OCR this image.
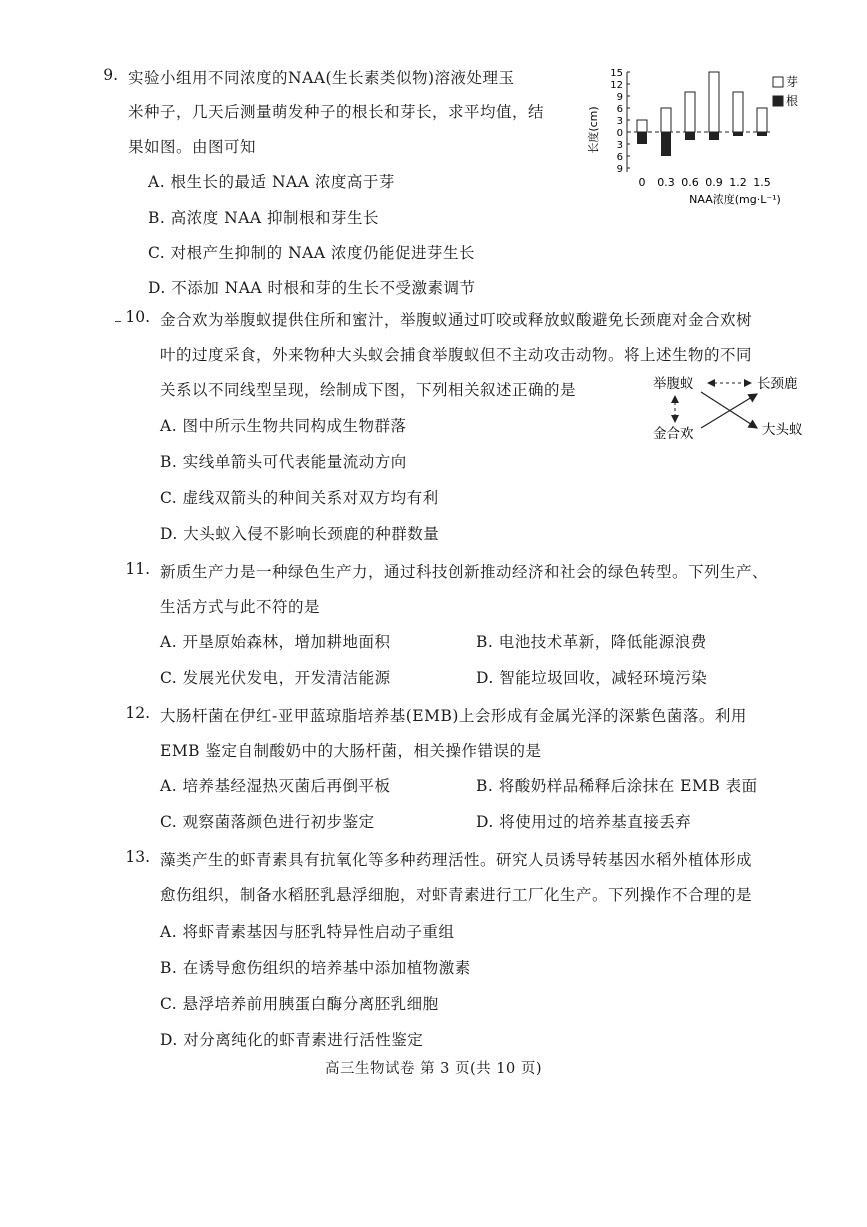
9. 实验小组用不同浓度的NAA(生长素类似物)溶液处理玉
米种子，几天后测量萌发种子的根长和芽长，求平均值，结
果如图。由图可知
A. 根生长的最适 NAA 浓度高于芽
B. 高浓度 NAA 抑制根和芽生长
C. 对根产生抑制的 NAA 浓度仍能促进芽生长
D. 不添加 NAA 时根和芽的生长不受激素调节
长度(cm) 3
6
9
12
15
0
3
6
9
0 0.3 0.6 0.9 1.2 1.5
NAA浓度(mg·L⁻¹)
芽
根
10. 金合欢为举腹蚁提供住所和蜜汁，举腹蚁通过叮咬或释放蚁酸避免长颈鹿对金合欢树
叶的过度采食，外来物种大头蚁会捕食举腹蚁但不主动攻击动物。将上述生物的不同
关系以不同线型呈现，绘制成下图，下列相关叙述正确的是
A. 图中所示生物共同构成生物群落
B. 实线单箭头可代表能量流动方向
C. 虚线双箭头的种间关系对双方均有利
D. 大头蚁入侵不影响长颈鹿的种群数量
举腹蚁	长颈鹿
金合欢	大头蚁
11. 新质生产力是一种绿色生产力，通过科技创新推动经济和社会的绿色转型。下列生产、
生活方式与此不符的是
A. 开垦原始森林，增加耕地面积	B. 电池技术革新，降低能源浪费
C. 发展光伏发电，开发清洁能源	D. 智能垃圾回收，减轻环境污染
12. 大肠杆菌在伊红-亚甲蓝琼脂培养基(EMB)上会形成有金属光泽的深紫色菌落。利用
EMB 鉴定自制酸奶中的大肠杆菌，相关操作错误的是
A. 培养基经湿热灭菌后再倒平板	B. 将酸奶样品稀释后涂抹在 EMB 表面
C. 观察菌落颜色进行初步鉴定	D. 将使用过的培养基直接丢弃
13. 藻类产生的虾青素具有抗氧化等多种药理活性。研究人员诱导转基因水稻外植体形成
愈伤组织，制备水稻胚乳悬浮细胞，对虾青素进行工厂化生产。下列操作不合理的是
A. 将虾青素基因与胚乳特异性启动子重组
B. 在诱导愈伤组织的培养基中添加植物激素
C. 悬浮培养前用胰蛋白酶分离胚乳细胞
D. 对分离纯化的虾青素进行活性鉴定
高三生物试卷 第 3 页(共 10 页)
